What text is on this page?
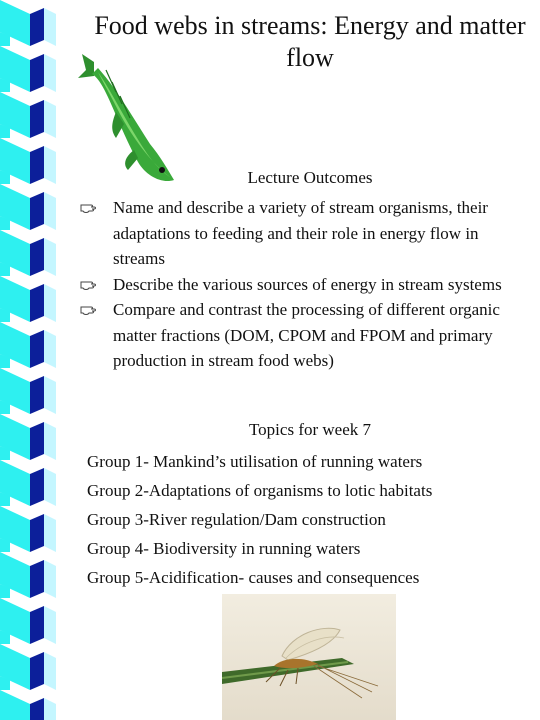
Food webs in streams: Energy and matter flow
Lecture Outcomes
Name and describe a variety of stream organisms, their adaptations to feeding and their role in energy flow in streams
Describe the various sources of energy in stream systems
Compare and contrast the processing of different organic matter fractions (DOM, CPOM and FPOM and primary production in stream food webs)
Topics for week 7
Group 1- Mankind’s utilisation of running waters
Group 2-Adaptations of organisms to lotic habitats
Group 3-River regulation/Dam construction
Group 4- Biodiversity in running waters
Group 5-Acidification- causes and consequences
